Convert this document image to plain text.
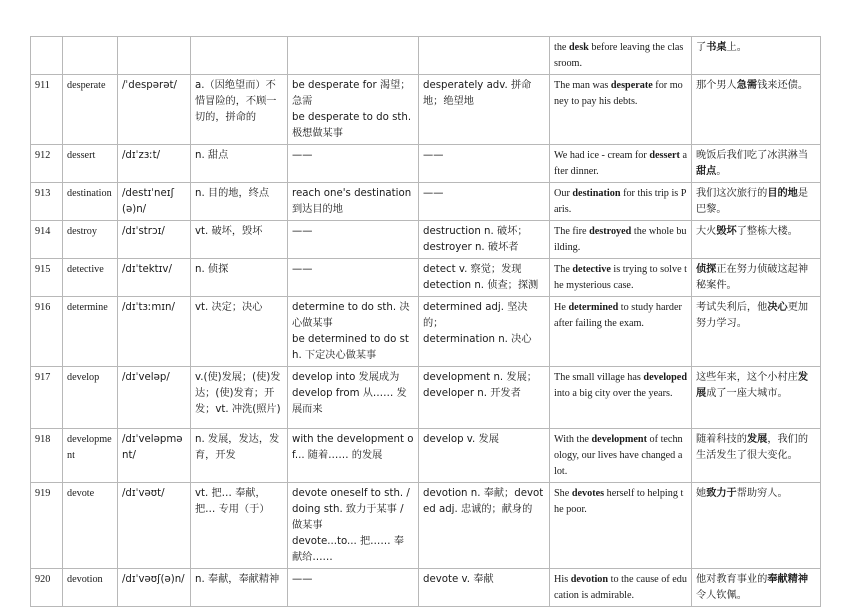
						the desk before leaving the classroom.	了书桌上。
911	desperate	/ˈdespərət/	a.（因绝望而）不惜冒险的，不顾一切的，拼命的	be desperate for 渴望；急需
be desperate to do sth. 极想做某事	desperately adv. 拼命地；绝望地	The man was desperate for money to pay his debts.	那个男人急需钱来还债。
912	dessert	/dɪˈzɜːt/	n. 甜点	——	——	We had ice - cream for dessert after dinner.	晚饭后我们吃了冰淇淋当甜点。
913	destination	/destɪˈneɪʃ(ə)n/	n. 目的地，终点	reach one's destination 到达目的地	——	Our destination for this trip is Paris.	我们这次旅行的目的地是巴黎。
914	destroy	/dɪˈstrɔɪ/	vt. 破坏，毁坏	——	destruction n. 破坏；
destroyer n. 破坏者	The fire destroyed the whole building.	大火毁坏了整栋大楼。
915	detective	/dɪˈtektɪv/	n. 侦探	——	detect v. 察觉；发现
detection n. 侦查；探测	The detective is trying to solve the mysterious case.	侦探正在努力侦破这起神秘案件。
916	determine	/dɪˈtɜːmɪn/	vt. 决定；决心	determine to do sth. 决心做某事
be determined to do sth. 下定决心做某事	determined adj. 坚决的；
determination n. 决心	He determined to study harder after failing the exam.	考试失利后，他决心更加努力学习。
917	develop	/dɪˈveləp/	v.(使)发展；(使)发达；(使)发育；开发；vt. 冲洗(照片)	develop into 发展成为
develop from 从…… 发展而来	development n. 发展；
developer n. 开发者	The small village has developed into a big city over the years.	这些年来，这个小村庄发展成了一座大城市。
918	development	/dɪˈveləpmənt/	n. 发展，发达，发育，开发	with the development of... 随着…… 的发展	develop v. 发展	With the development of technology, our lives have changed a lot.	随着科技的发展，我们的生活发生了很大变化。
919	devote	/dɪˈvəʊt/	vt. 把… 奉献，把… 专用（于）	devote oneself to sth. /doing sth. 致力于某事 / 做某事
devote...to... 把…… 奉献给……	devotion n. 奉献；devoted adj. 忠诚的；献身的	She devotes herself to helping the poor.	她致力于帮助穷人。
920	devotion	/dɪˈvəʊʃ(ə)n/	n. 奉献，奉献精神	——	devote v. 奉献	His devotion to the cause of education is admirable.	他对教育事业的奉献精神令人钦佩。
